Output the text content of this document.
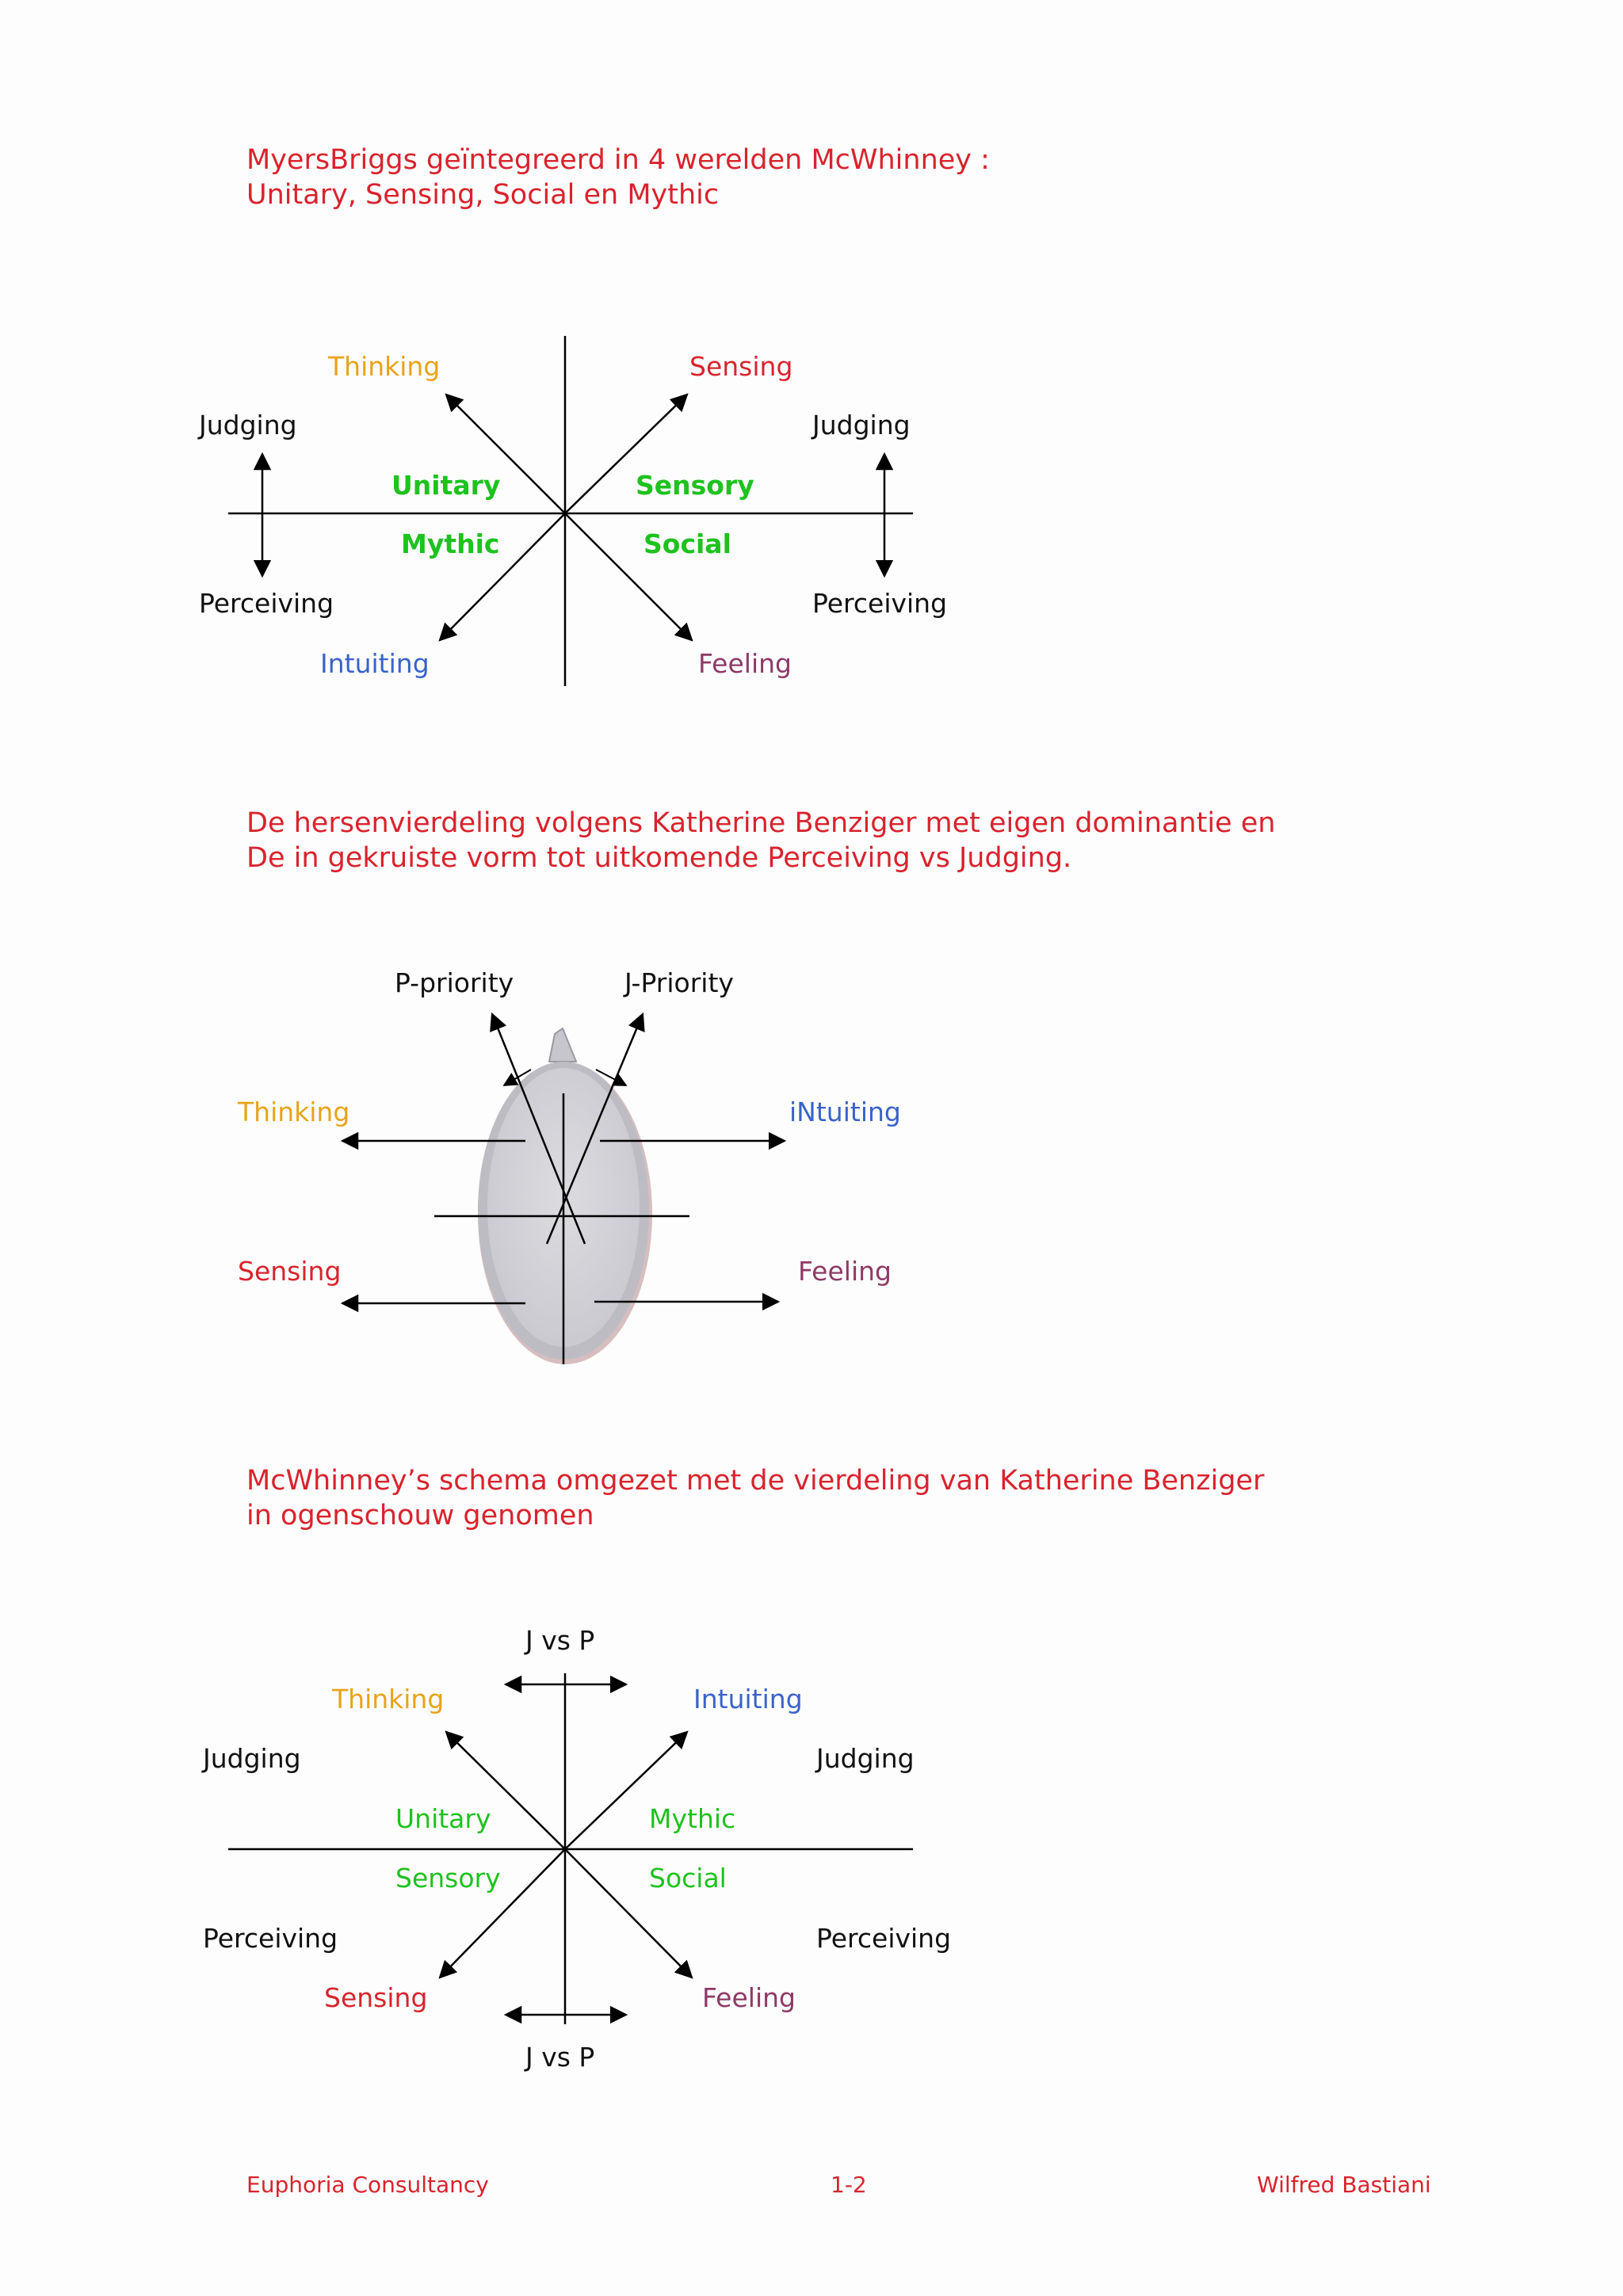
MyersBriggs geïntegreerd in 4 werelden McWhinney :
Unitary, Sensing, Social en Mythic
Thinking	Sensing
Judging	Judging
Unitary	Sensory
Mythic	Social
Perceiving	Perceiving
Intuiting	Feeling
De hersenvierdeling volgens Katherine Benziger met eigen dominantie en
De in gekruiste vorm tot uitkomende Perceiving vs Judging.
P-priority	J-Priority
Thinking	iNtuiting
Sensing	Feeling
McWhinney’s schema omgezet met de vierdeling van Katherine Benziger
in ogenschouw genomen
J vs P
Thinking	Intuiting
Judging	Judging
Unitary	Mythic
Sensory	Social
Perceiving	Perceiving
Sensing	Feeling
J vs P
Euphoria Consultancy	1-2	Wilfred Bastiani
